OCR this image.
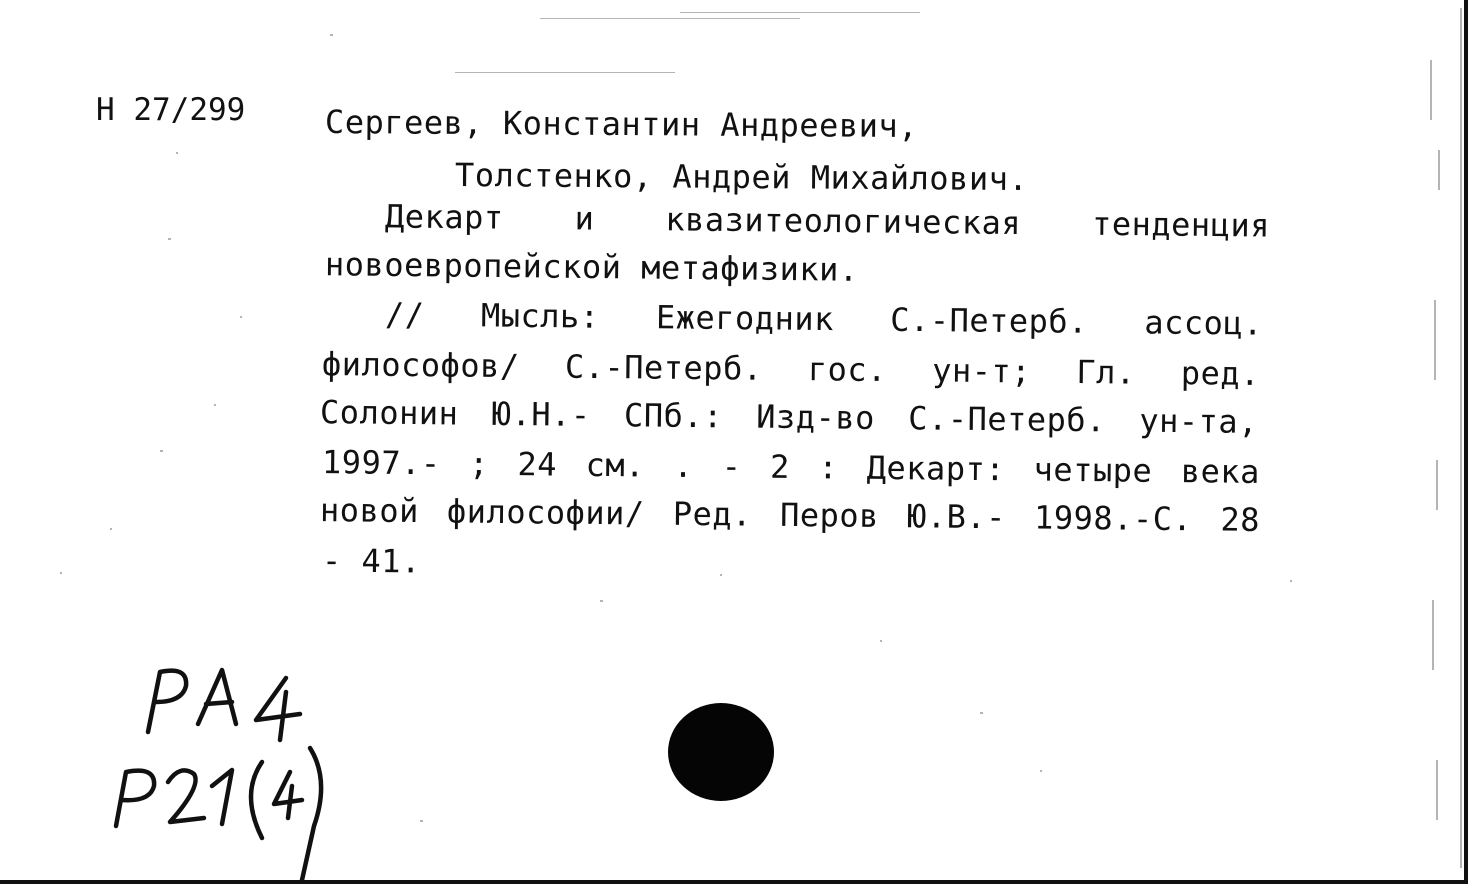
Н 27/299 Сергеев, Константин Андреевич,
Толстенко, Андрей Михайлович.
Декарт и квазитеологическая тенденция
новоевропейской метафизики.
// Мысль: Ежегодник С.-Петерб. ассоц.
философов/ С.-Петерб. гос. ун-т; Гл. ред.
Солонин Ю.Н.- СПб.: Изд-во С.-Петерб. ун-та,
1997.- ; 24 см. . - 2 : Декарт: четыре века
новой философии/ Ред. Перов Ю.В.- 1998.-С. 28
- 41.
